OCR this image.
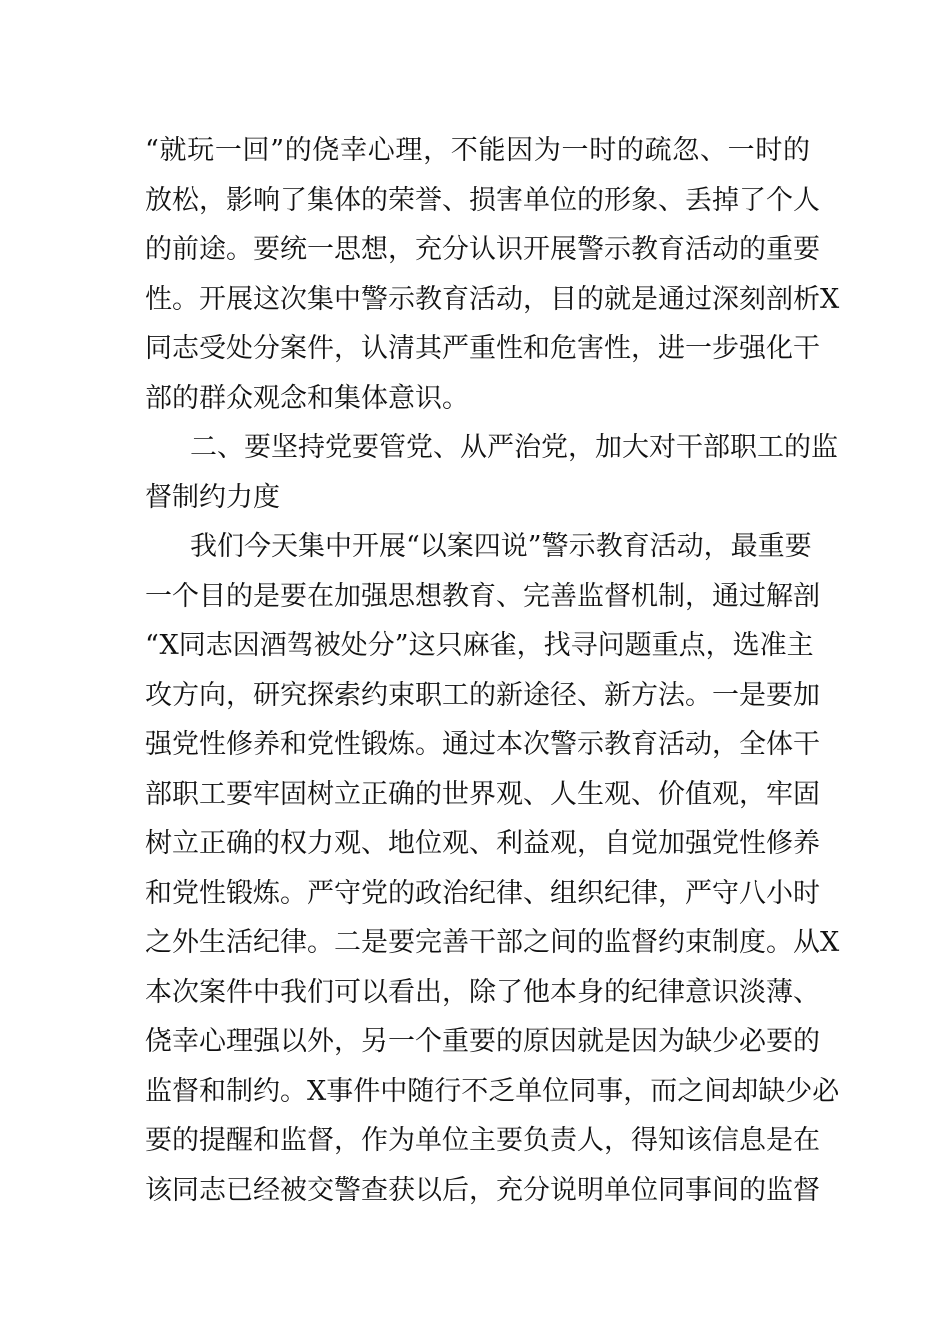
“就玩一回”的侥幸心理，不能因为一时的疏忽、一时的
放松，影响了集体的荣誉、损害单位的形象、丢掉了个人
的前途。要统一思想，充分认识开展警示教育活动的重要
性。开展这次集中警示教育活动，目的就是通过深刻剖析X
同志受处分案件，认清其严重性和危害性，进一步强化干
部的群众观念和集体意识。
二、要坚持党要管党、从严治党，加大对干部职工的监
督制约力度
我们今天集中开展“以案四说”警示教育活动，最重要
一个目的是要在加强思想教育、完善监督机制，通过解剖
“X同志因酒驾被处分”这只麻雀，找寻问题重点，选准主
攻方向，研究探索约束职工的新途径、新方法。一是要加
强党性修养和党性锻炼。通过本次警示教育活动，全体干
部职工要牢固树立正确的世界观、人生观、价值观，牢固
树立正确的权力观、地位观、利益观，自觉加强党性修养
和党性锻炼。严守党的政治纪律、组织纪律，严守八小时
之外生活纪律。二是要完善干部之间的监督约束制度。从X
本次案件中我们可以看出，除了他本身的纪律意识淡薄、
侥幸心理强以外，另一个重要的原因就是因为缺少必要的
监督和制约。X事件中随行不乏单位同事，而之间却缺少必
要的提醒和监督，作为单位主要负责人，得知该信息是在
该同志已经被交警查获以后，充分说明单位同事间的监督
